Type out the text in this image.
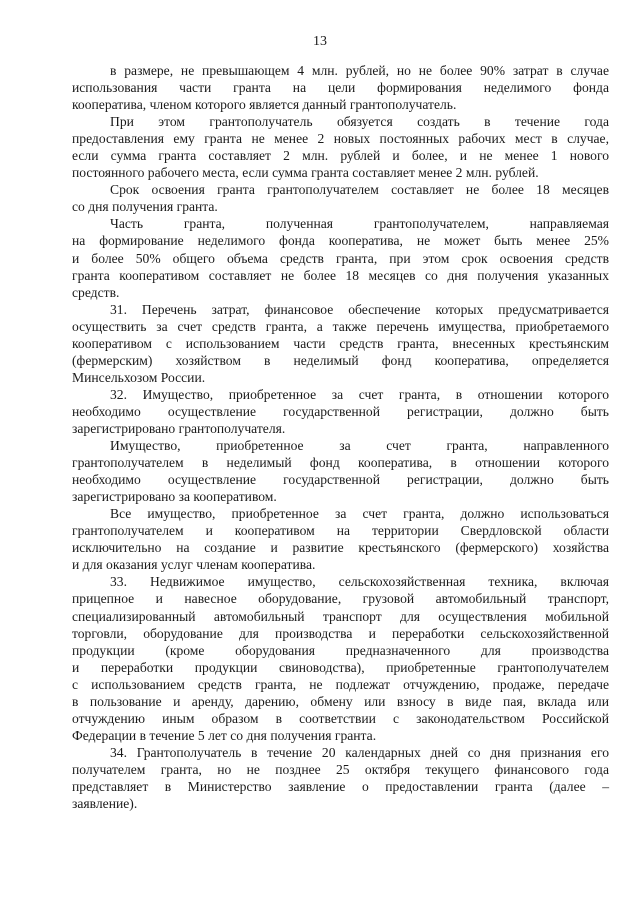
13
в размере, не превышающем 4 млн. рублей, но не более 90% затрат в случае
использования части гранта на цели формирования неделимого фонда
кооператива, членом которого является данный грантополучатель.
При этом грантополучатель обязуется создать в течение года
предоставления ему гранта не менее 2 новых постоянных рабочих мест в случае,
если сумма гранта составляет 2 млн. рублей и более, и не менее 1 нового
постоянного рабочего места, если сумма гранта составляет менее 2 млн. рублей.
Срок освоения гранта грантополучателем составляет не более 18 месяцев
со дня получения гранта.
Часть гранта, полученная грантополучателем, направляемая
на формирование неделимого фонда кооператива, не может быть менее 25%
и более 50% общего объема средств гранта, при этом срок освоения средств
гранта кооперативом составляет не более 18 месяцев со дня получения указанных
средств.
31. Перечень затрат, финансовое обеспечение которых предусматривается
осуществить за счет средств гранта, а также перечень имущества, приобретаемого
кооперативом с использованием части средств гранта, внесенных крестьянским
(фермерским) хозяйством в неделимый фонд кооператива, определяется
Минсельхозом России.
32. Имущество, приобретенное за счет гранта, в отношении которого
необходимо осуществление государственной регистрации, должно быть
зарегистрировано грантополучателя.
Имущество, приобретенное за счет гранта, направленного
грантополучателем в неделимый фонд кооператива, в отношении которого
необходимо осуществление государственной регистрации, должно быть
зарегистрировано за кооперативом.
Все имущество, приобретенное за счет гранта, должно использоваться
грантополучателем и кооперативом на территории Свердловской области
исключительно на создание и развитие крестьянского (фермерского) хозяйства
и для оказания услуг членам кооператива.
33. Недвижимое имущество, сельскохозяйственная техника, включая
прицепное и навесное оборудование, грузовой автомобильный транспорт,
специализированный автомобильный транспорт для осуществления мобильной
торговли, оборудование для производства и переработки сельскохозяйственной
продукции (кроме оборудования предназначенного для производства
и переработки продукции свиноводства), приобретенные грантополучателем
с использованием средств гранта, не подлежат отчуждению, продаже, передаче
в пользование и аренду, дарению, обмену или взносу в виде пая, вклада или
отчуждению иным образом в соответствии с законодательством Российской
Федерации в течение 5 лет со дня получения гранта.
34. Грантополучатель в течение 20 календарных дней со дня признания его
получателем гранта, но не позднее 25 октября текущего финансового года
представляет в Министерство заявление о предоставлении гранта (далее –
заявление).
